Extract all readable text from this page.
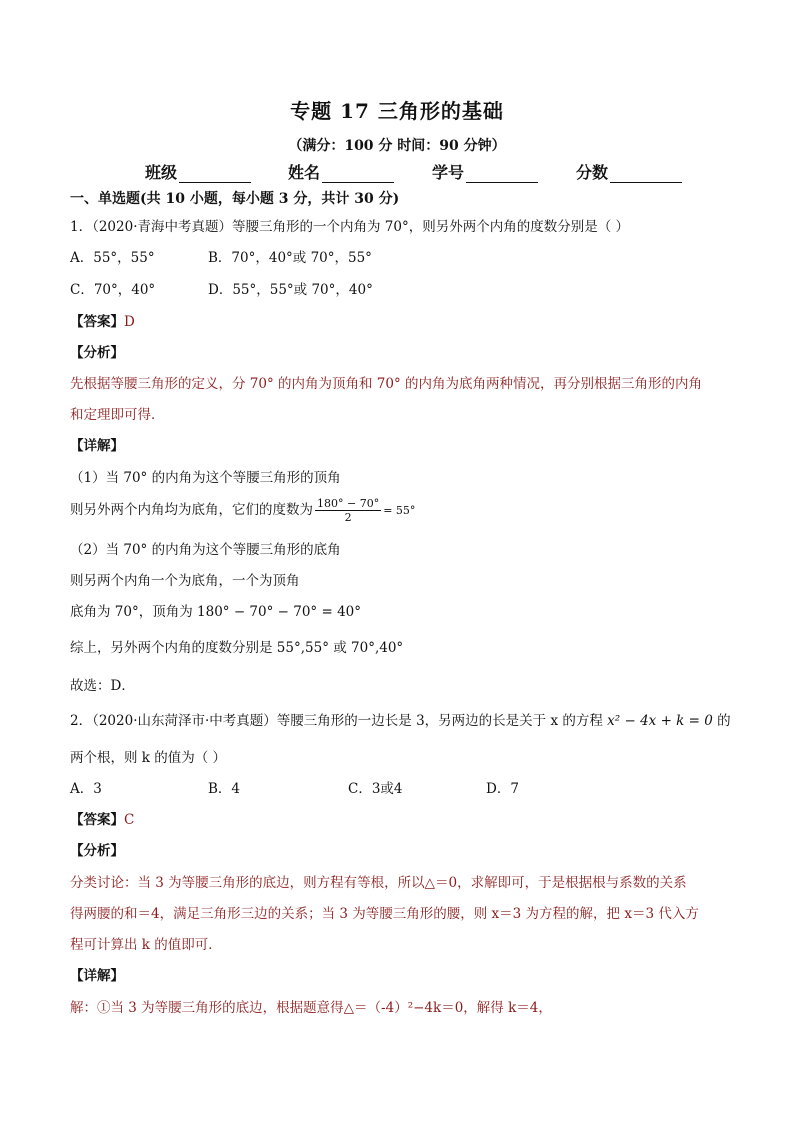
专题 17 三角形的基础
（满分：100 分 时间：90 分钟）
班级	姓名	学号	分数
一、单选题(共 10 小题，每小题 3 分，共计 30 分)
1．（2020·青海中考真题）等腰三角形的一个内角为 70°，则另外两个内角的度数分别是（ ）
A．55°，55°	B．70°，40°或 70°，55°
C．70°，40°	D．55°，55°或 70°，40°
【答案】D
【分析】
先根据等腰三角形的定义，分 70° 的内角为顶角和 70° 的内角为底角两种情况，再分别根据三角形的内角
和定理即可得．
【详解】
（1）当 70° 的内角为这个等腰三角形的顶角
则另外两个内角均为底角，它们的度数为 $\frac{180^\circ - 70^\circ}{2} = 55^\circ$
（2）当 70° 的内角为这个等腰三角形的底角
则另两个内角一个为底角，一个为顶角
底角为 70°，顶角为 180° − 70° − 70° = 40°
综上，另外两个内角的度数分别是 55°,55° 或 70°,40°
故选：D．
2．（2020·山东菏泽市·中考真题）等腰三角形的一边长是 3，另两边的长是关于 x 的方程 x² − 4x + k = 0 的
两个根，则 k 的值为（ ）
A．3	B．4	C．3或4	D．7
【答案】C
【分析】
分类讨论：当 3 为等腰三角形的底边，则方程有等根，所以△＝0，求解即可，于是根据根与系数的关系
得两腰的和＝4，满足三角形三边的关系；当 3 为等腰三角形的腰，则 x＝3 为方程的解，把 x＝3 代入方
程可计算出 k 的值即可．
【详解】
解：①当 3 为等腰三角形的底边，根据题意得△＝（-4）²−4k＝0，解得 k＝4，
